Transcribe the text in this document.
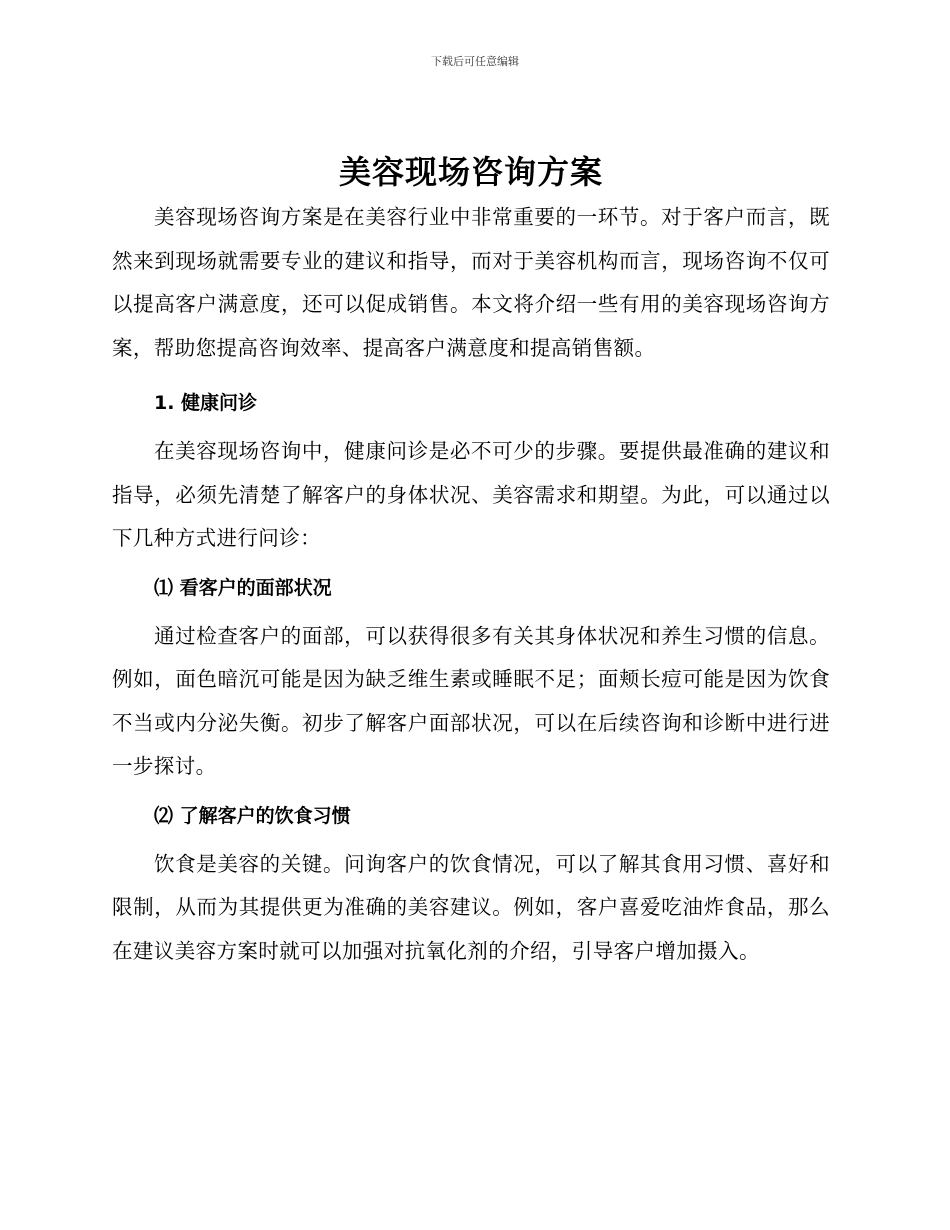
下载后可任意编辑
美容现场咨询方案

美容现场咨询方案是在美容行业中非常重要的一环节。对于客户而言，既然来到现场就需要专业的建议和指导，而对于美容机构而言，现场咨询不仅可以提高客户满意度，还可以促成销售。本文将介绍一些有用的美容现场咨询方案，帮助您提高咨询效率、提高客户满意度和提高销售额。

1. 健康问诊

在美容现场咨询中，健康问诊是必不可少的步骤。要提供最准确的建议和指导，必须先清楚了解客户的身体状况、美容需求和期望。为此，可以通过以下几种方式进行问诊：

⑴ 看客户的面部状况

通过检查客户的面部，可以获得很多有关其身体状况和养生习惯的信息。例如，面色暗沉可能是因为缺乏维生素或睡眠不足；面颊长痘可能是因为饮食不当或内分泌失衡。初步了解客户面部状况，可以在后续咨询和诊断中进行进一步探讨。

⑵ 了解客户的饮食习惯

饮食是美容的关键。问询客户的饮食情况，可以了解其食用习惯、喜好和限制，从而为其提供更为准确的美容建议。例如，客户喜爱吃油炸食品，那么在建议美容方案时就可以加强对抗氧化剂的介绍，引导客户增加摄入。
